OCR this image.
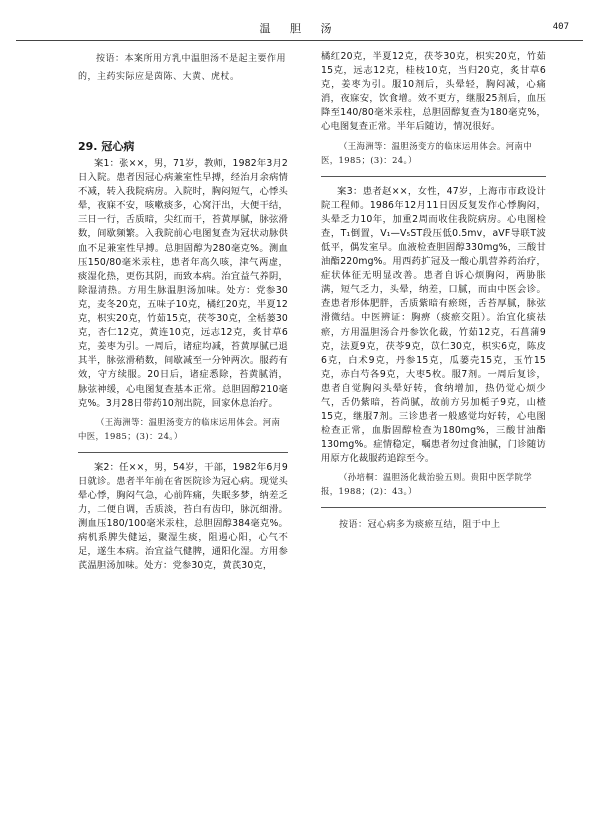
温 胆 汤	407

按语：本案所用方乳中温胆汤不是起主要作用的，主药实际应是茵陈、大黄、虎杖。

29. 冠心病

案1：张××，男，71岁，教师，1982年3月2日入院。患者因冠心病兼室性早搏，经治月余病情不减，转入我院病房。入院时，胸闷短气，心悸头晕，夜寐不安，咳嗽痰多，心窝汗出，大便干结，三日一行，舌质暗，尖红而干，苔黄厚腻，脉弦滑数，间歇频繁。入我院前心电图复查为冠状动脉供血不足兼室性早搏。总胆固醇为280毫克%。测血压150/80毫米汞柱，患者年高久咳，津气两虚，痰湿化热，更伤其阴，而致本病。治宜益气养阴，除湿清热。方用生脉温胆汤加味。处方：党参30克，麦冬20克，五味子10克，橘红20克，半夏12克，枳实20克，竹茹15克，茯苓30克，全栝蒌30克，杏仁12克，黄连10克，远志12克，炙甘草6克，姜枣为引。一周后，诸症均减，苔黄厚腻已退其半，脉弦滑稍数，间歇减至一分钟两次。服药有效，守方续服。20日后，诸症悉除，苔黄腻消，脉弦神缓，心电图复查基本正常。总胆固醇210毫克%。3月28日带药10剂出院，回家休息治疗。

（王海洲等：温胆汤变方的临床运用体会。河南中医，1985；(3)：24。）

案2：任××，男，54岁，干部，1982年6月9日就诊。患者半年前在省医院诊为冠心病。现觉头晕心悸，胸闷气急，心前阵痛，失眠多梦，纳差乏力，二便自调，舌质淡，苔白有齿印，脉沉细滑。测血压180/100毫米汞柱，总胆固醇384毫克%。病机系脾失健运，聚湿生痰，阻遏心阳，心气不足，遂生本病。治宜益气健脾，通阳化湿。方用参芪温胆汤加味。处方：党参30克，黄芪30克，

橘红20克，半夏12克，茯苓30克，枳实20克，竹茹15克，远志12克，桂枝10克，当归20克，炙甘草6克，姜枣为引。服10剂后，头晕轻，胸闷减，心痛消，夜寐安，饮食增。效不更方，继服25剂后，血压降至140/80毫米汞柱，总胆固醇复查为180毫克%，心电图复查正常。半年后随访，情况很好。

（王海洲等：温胆汤变方的临床运用体会。河南中医，1985；(3)：24。）

案3：患者赵××，女性，47岁，上海市市政设计院工程师。1986年12月11日因反复发作心悸胸闷，头晕乏力10年，加重2周而收住我院病房。心电图检查，T₁倒置，V₁—V₅ST段压低0.5mv，aVF导联T波低平，偶发室早。血液检查胆固醇330mg%，三酸甘油酯220mg%。用西药扩冠及一酸心肌营养药治疗，症状体征无明显改善。患者自诉心烦胸闷，两胁胀满，短气乏力，头晕，纳差，口腻，而由中医会诊。查患者形体肥胖，舌质紫暗有瘀斑，舌苔厚腻，脉弦滑微结。中医辨证：胸痹（痰瘀交阻）。治宜化痰祛瘀，方用温胆汤合丹参饮化裁，竹茹12克，石菖蒲9克，法夏9克，茯苓9克，苡仁30克，枳实6克，陈皮6克，白术9克，丹参15克，瓜蒌壳15克，玉竹15克，赤白芍各9克，大枣5枚。服7剂。一周后复诊，患者自觉胸闷头晕好转，食纳增加，热仍觉心烦少气，舌仍紫暗，苔尚腻，故前方另加栀子9克，山楂15克，继服7剂。三诊患者一般感觉均好转，心电图检查正常，血脂固醇检查为180mg%，三酸甘油酯130mg%。症情稳定，嘱患者勿过食油腻，门诊随访用原方化裁服药追踪至今。

（孙培桐：温胆汤化裁治验五则。贵阳中医学院学报，1988；(2)：43。）

按语：冠心病多为痰瘀互结，阻于中上
